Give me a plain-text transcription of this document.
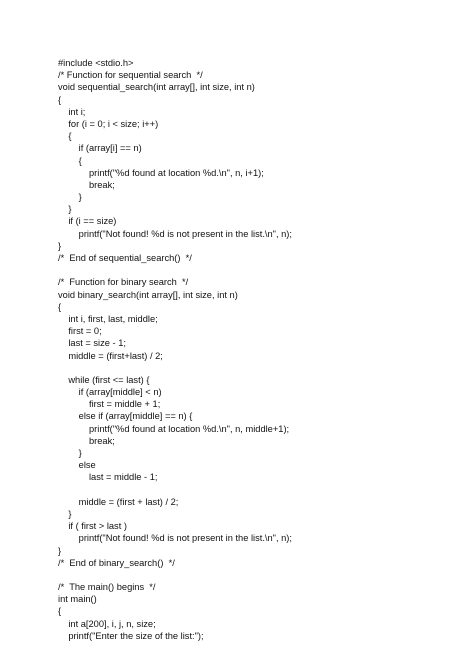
#include <stdio.h>
/* Function for sequential search  */
void sequential_search(int array[], int size, int n)
{
int i;
for (i = 0; i < size; i++)
{
if (array[i] == n)
{
printf("%d found at location %d.\n", n, i+1);
break;
}
}
if (i == size)
printf("Not found! %d is not present in the list.\n", n);
}
/*  End of sequential_search()  */
/*  Function for binary search  */
void binary_search(int array[], int size, int n)
{
int i, first, last, middle;
first = 0;
last = size - 1;
middle = (first+last) / 2;
while (first <= last) {
if (array[middle] < n)
first = middle + 1;
else if (array[middle] == n) {
printf("%d found at location %d.\n", n, middle+1);
break;
}
else
last = middle - 1;
middle = (first + last) / 2;
}
if ( first > last )
printf("Not found! %d is not present in the list.\n", n);
}
/*  End of binary_search()  */
/*  The main() begins  */
int main()
{
int a[200], i, j, n, size;
printf("Enter the size of the list:");
